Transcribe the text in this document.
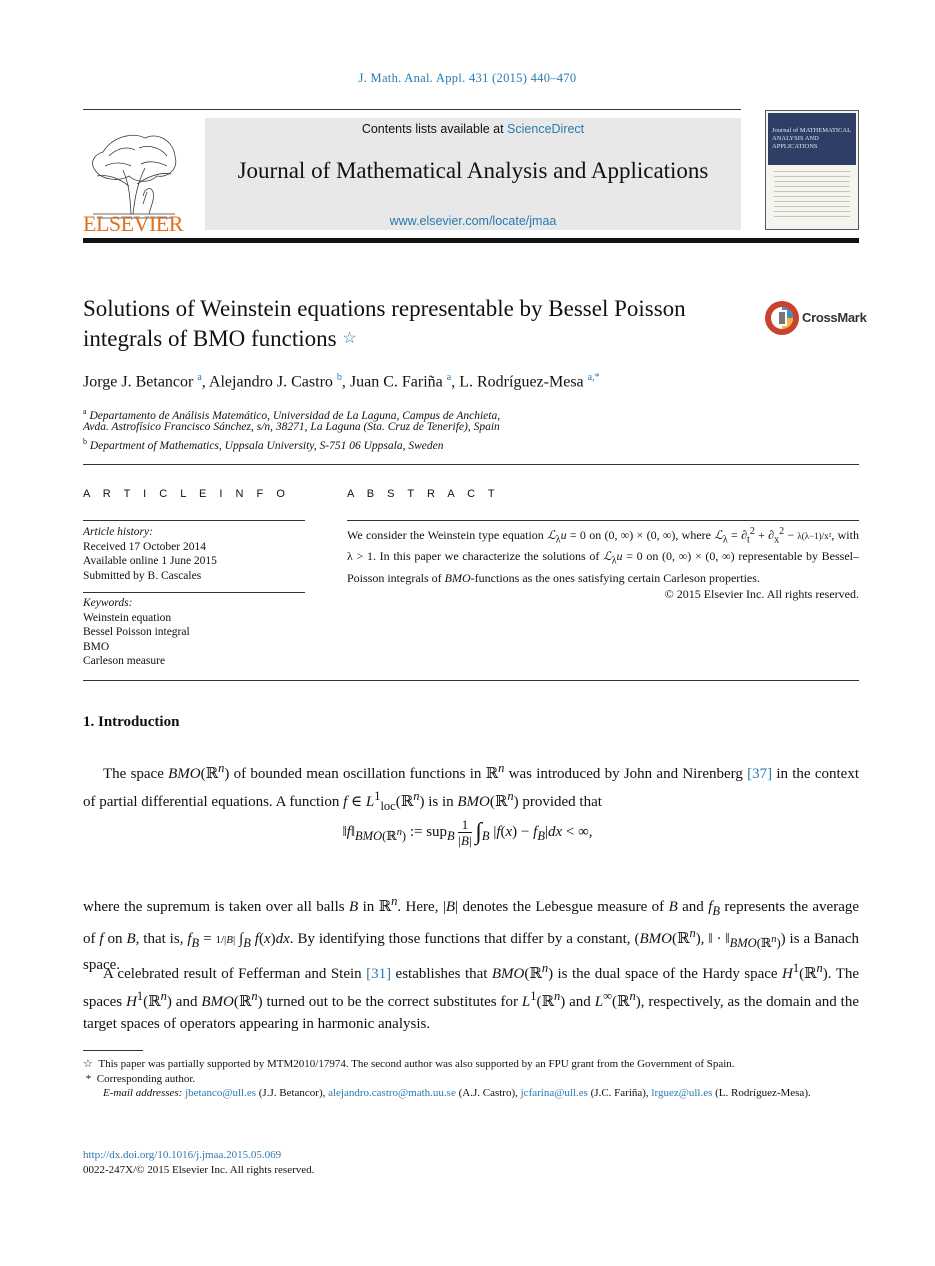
J. Math. Anal. Appl. 431 (2015) 440–470
ELSEVIER
Contents lists available at ScienceDirect
Journal of Mathematical Analysis and Applications
www.elsevier.com/locate/jmaa
Journal of MATHEMATICAL ANALYSIS AND APPLICATIONS
Solutions of Weinstein equations representable by Bessel Poisson integrals of BMO functions ☆
CrossMark
Jorge J. Betancor $^a$, Alejandro J. Castro $^b$, Juan C. Fariña $^a$, L. Rodríguez-Mesa $^{a,*}$
$^a$ Departamento de Análisis Matemático, Universidad de La Laguna, Campus de Anchieta,
Avda. Astrofísico Francisco Sánchez, s/n, 38271, La Laguna (Sta. Cruz de Tenerife), Spain
$^b$ Department of Mathematics, Uppsala University, S-751 06 Uppsala, Sweden
A R T I C L E I N F O
Article history:
Received 17 October 2014
Available online 1 June 2015
Submitted by B. Cascales
Keywords:
Weinstein equation
Bessel Poisson integral
BMO
Carleson measure
A B S T R A C T
We consider the Weinstein type equation ℒ$_\lambda$u = 0 on (0, ∞) × (0, ∞), where ℒ$_\lambda$ = $\partial_t^2 + \partial_x^2 - \lambda(\lambda-1)/x^2$, with λ > 1. In this paper we characterize the solutions of ℒ$_\lambda$u = 0 on (0, ∞) × (0, ∞) representable by Bessel–Poisson integrals of BMO-functions as the ones satisfying certain Carleson properties.
© 2015 Elsevier Inc. All rights reserved.
1. Introduction
The space BMO(ℝ$^n$) of bounded mean oscillation functions in ℝ$^n$ was introduced by John and Nirenberg [37] in the context of partial differential equations. A function f ∈ $L^1_{loc}(ℝ^n)$ is in BMO(ℝ$^n$) provided that
$‖f‖_{BMO(ℝ^n)}$ := $sup_B \frac{1}{|B|} \int_B$ $|f(x) - f_B|dx$ < ∞,
where the supremum is taken over all balls B in ℝ$^n$. Here, |B| denotes the Lebesgue measure of B and $f_B$ represents the average of f on B, that is, $f_B = 1/|B|$ $\int_B$ f(x)dx. By identifying those functions that differ by a constant, (BMO(ℝ$^n$), ‖ · $‖_{BMO(ℝ^n)}$) is a Banach space.
A celebrated result of Fefferman and Stein [31] establishes that BMO(ℝ$^n$) is the dual space of the Hardy space $H^1(ℝ^n)$. The spaces $H^1(ℝ^n)$ and BMO(ℝ$^n$) turned out to be the correct substitutes for $L^1(ℝ^n)$ and L∞(ℝ$^n$), respectively, as the domain and the target spaces of operators appearing in harmonic analysis.
☆ This paper was partially supported by MTM2010/17974. The second author was also supported by an FPU grant from the Government of Spain.
*  Corresponding author.
E-mail addresses: jbetanco@ull.es (J.J. Betancor), alejandro.castro@math.uu.se (A.J. Castro), jcfarina@ull.es (J.C. Fariña), lrguez@ull.es (L. Rodríguez-Mesa).
http://dx.doi.org/10.1016/j.jmaa.2015.05.069
0022-247X/© 2015 Elsevier Inc. All rights reserved.
